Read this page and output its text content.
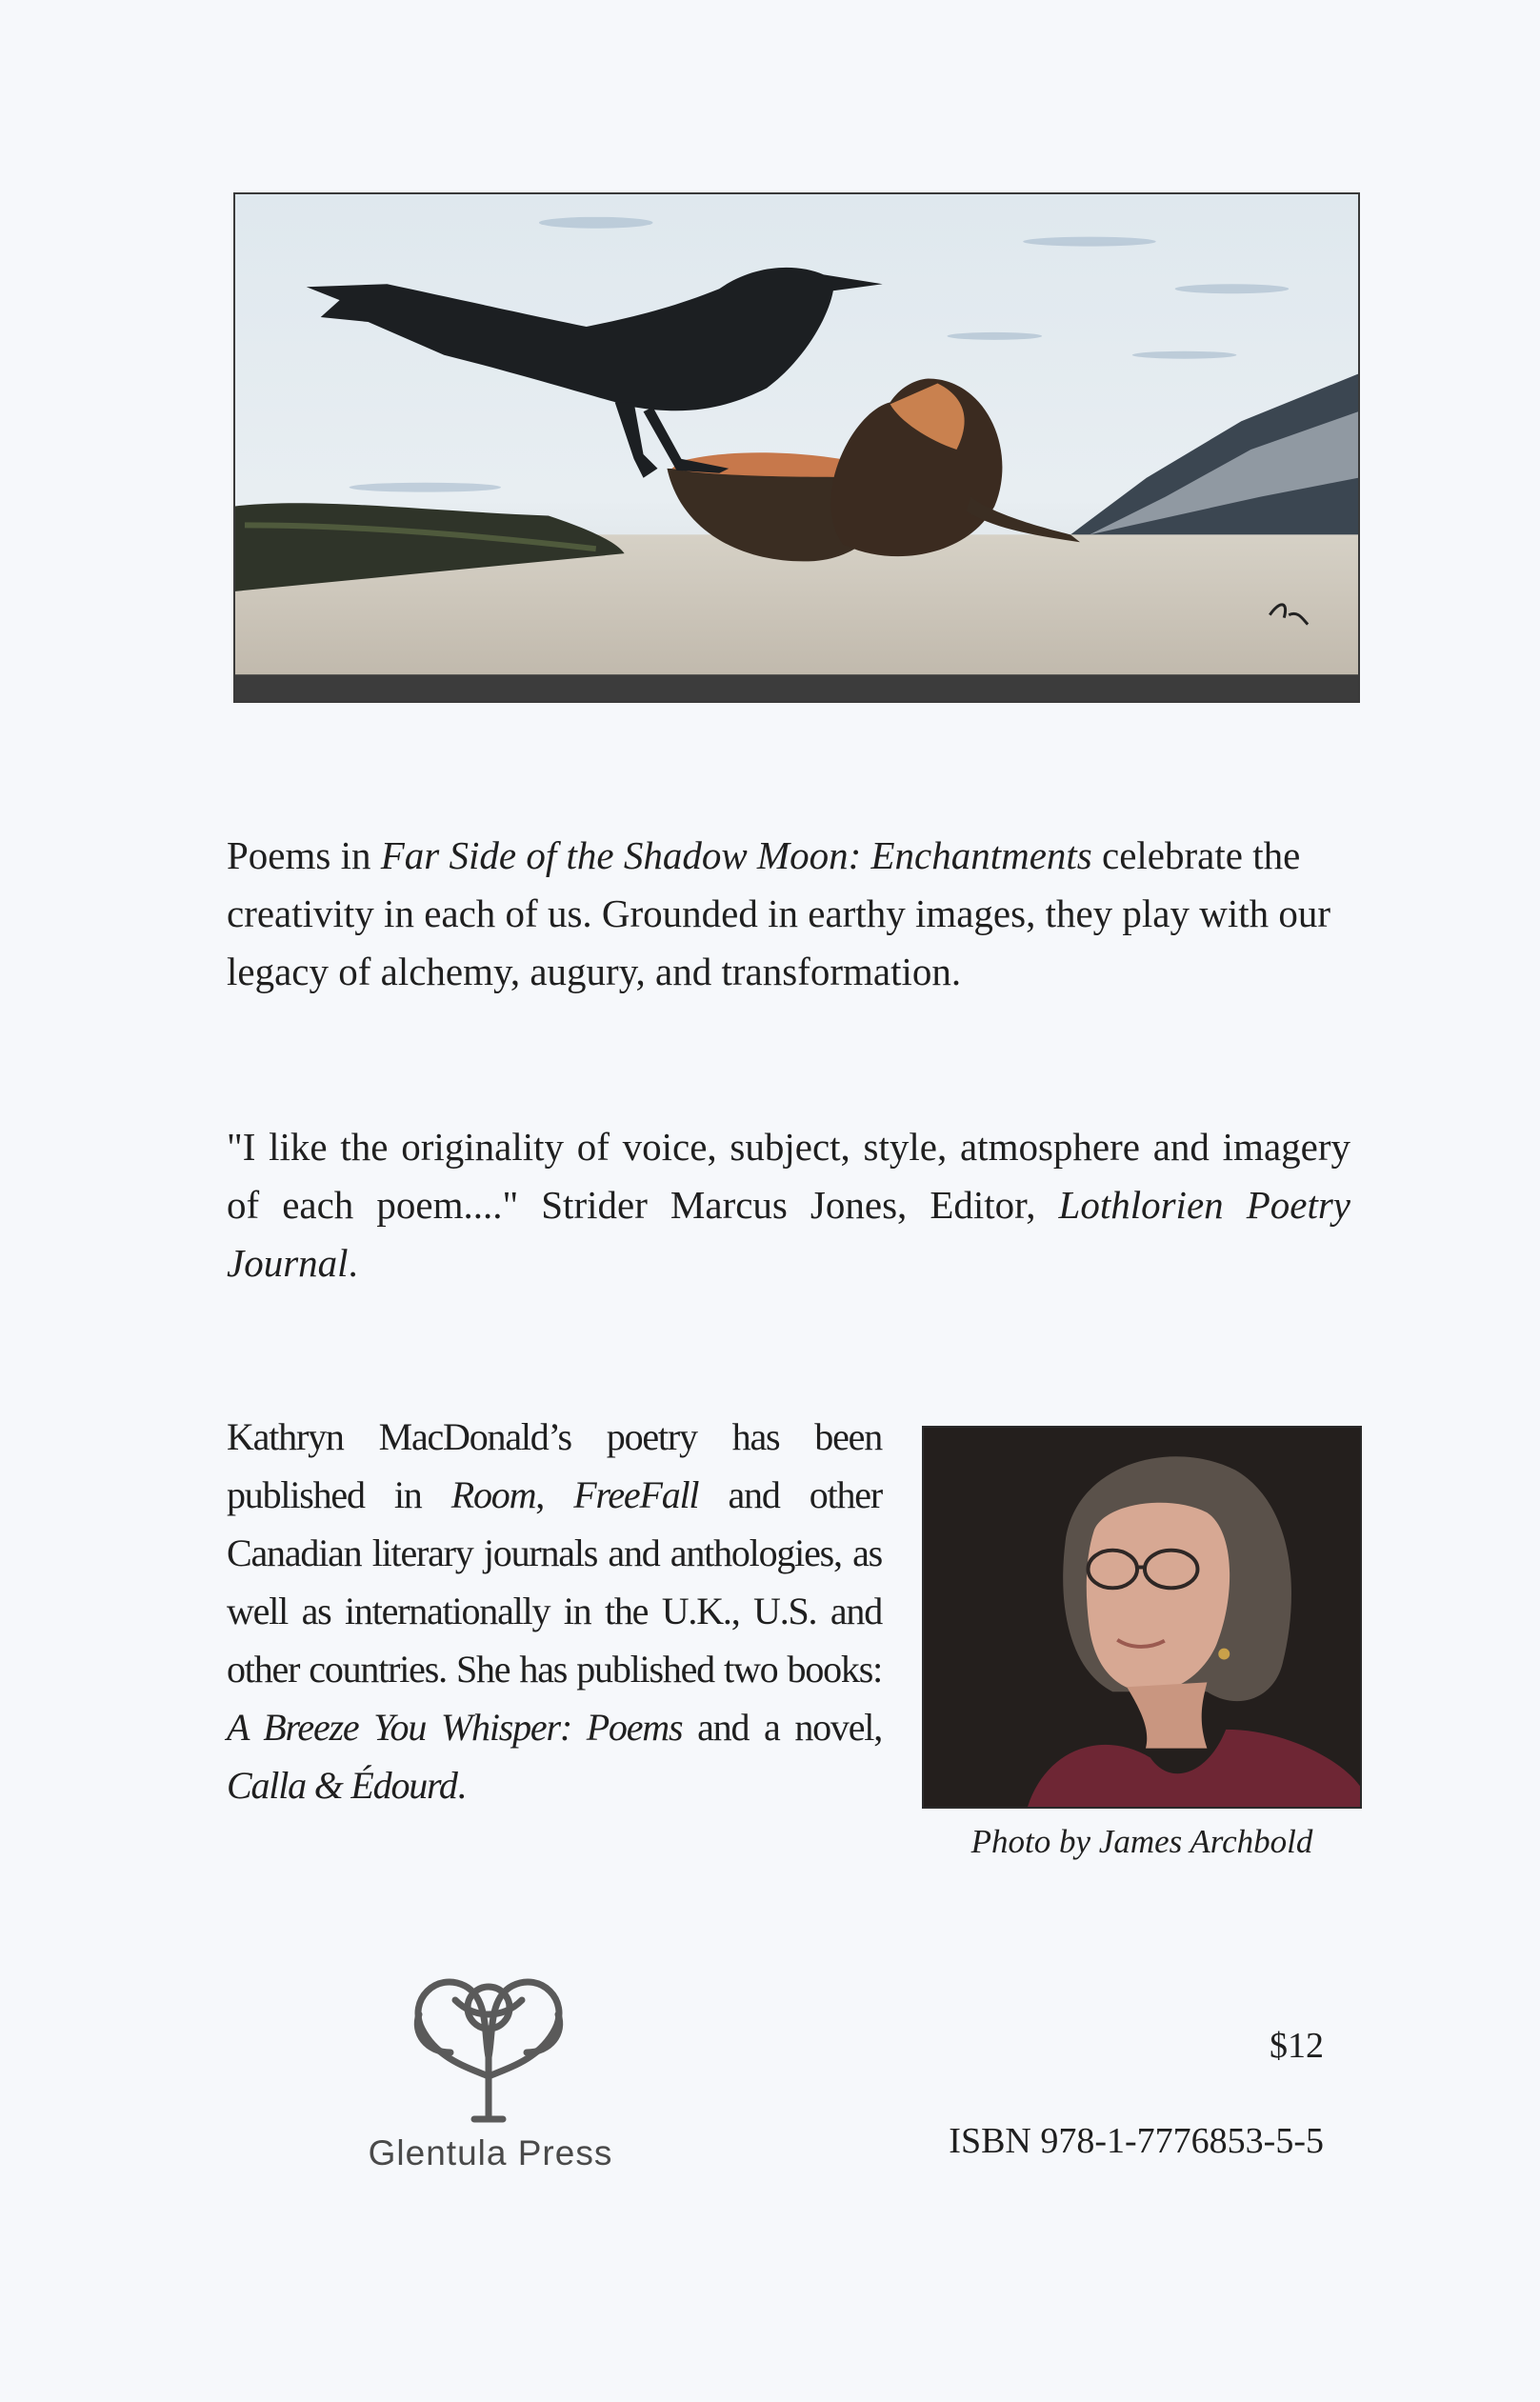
Poems in Far Side of the Shadow Moon: Enchantments celebrate the creativity in each of us. Grounded in earthy images, they play with our legacy of alchemy, augury, and transformation.

"I like the originality of voice, subject, style, atmosphere and imagery of each poem...." Strider Marcus Jones, Editor, Lothlorien Poetry Journal.

Kathryn MacDonald’s poetry has been published in Room, FreeFall and other Canadian literary journals and anthologies, as well as internationally in the U.K., U.S. and other countries. She has published two books: A Breeze You Whisper: Poems and a novel, Calla & Édourd.

Photo by James Archbold

Glentula Press

$12

ISBN 978-1-7776853-5-5
